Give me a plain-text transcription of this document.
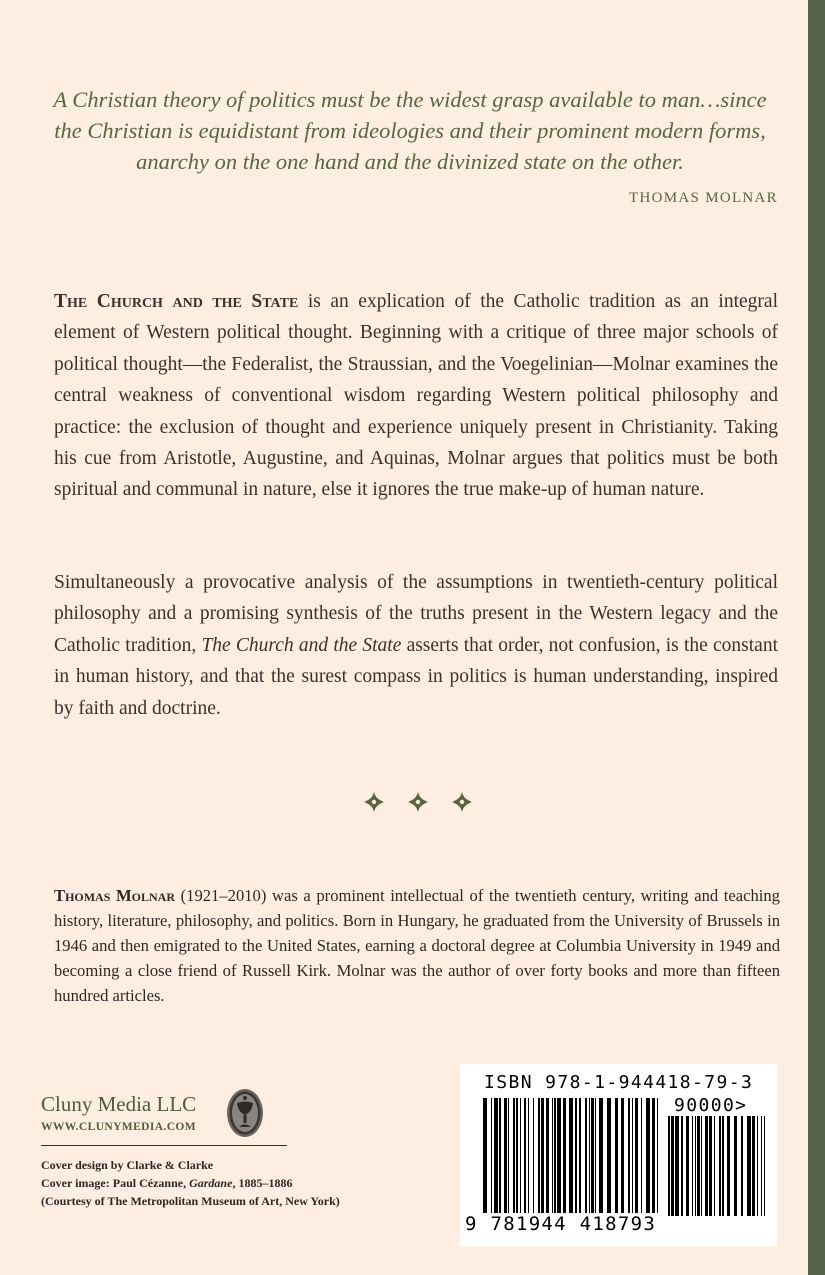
A Christian theory of politics must be the widest grasp available to man…since the Christian is equidistant from ideologies and their prominent modern forms, anarchy on the one hand and the divinized state on the other.
THOMAS MOLNAR
The Church and the State is an explication of the Catholic tradition as an integral element of Western political thought. Beginning with a critique of three major schools of political thought—the Federalist, the Straussian, and the Voegelinian—Molnar examines the central weakness of conventional wisdom regarding Western political philosophy and practice: the exclusion of thought and experience uniquely present in Christianity. Taking his cue from Aristotle, Augustine, and Aquinas, Molnar argues that politics must be both spiritual and communal in nature, else it ignores the true make-up of human nature.
Simultaneously a provocative analysis of the assumptions in twentieth-century political philosophy and a promising synthesis of the truths present in the Western legacy and the Catholic tradition, The Church and the State asserts that order, not confusion, is the constant in human history, and that the surest compass in politics is human understanding, inspired by faith and doctrine.
Thomas Molnar (1921–2010) was a prominent intellectual of the twentieth century, writing and teaching history, literature, philosophy, and politics. Born in Hungary, he graduated from the University of Brussels in 1946 and then emigrated to the United States, earning a doctoral degree at Columbia University in 1949 and becoming a close friend of Russell Kirk. Molnar was the author of over forty books and more than fifteen hundred articles.
Cluny Media LLC
WWW.CLUNYMEDIA.COM
Cover design by Clarke & Clarke
Cover image: Paul Cézanne, Gardane, 1885–1886
(Courtesy of The Metropolitan Museum of Art, New York)
ISBN 978-1-944418-79-3
90000>
9 781944 418793
